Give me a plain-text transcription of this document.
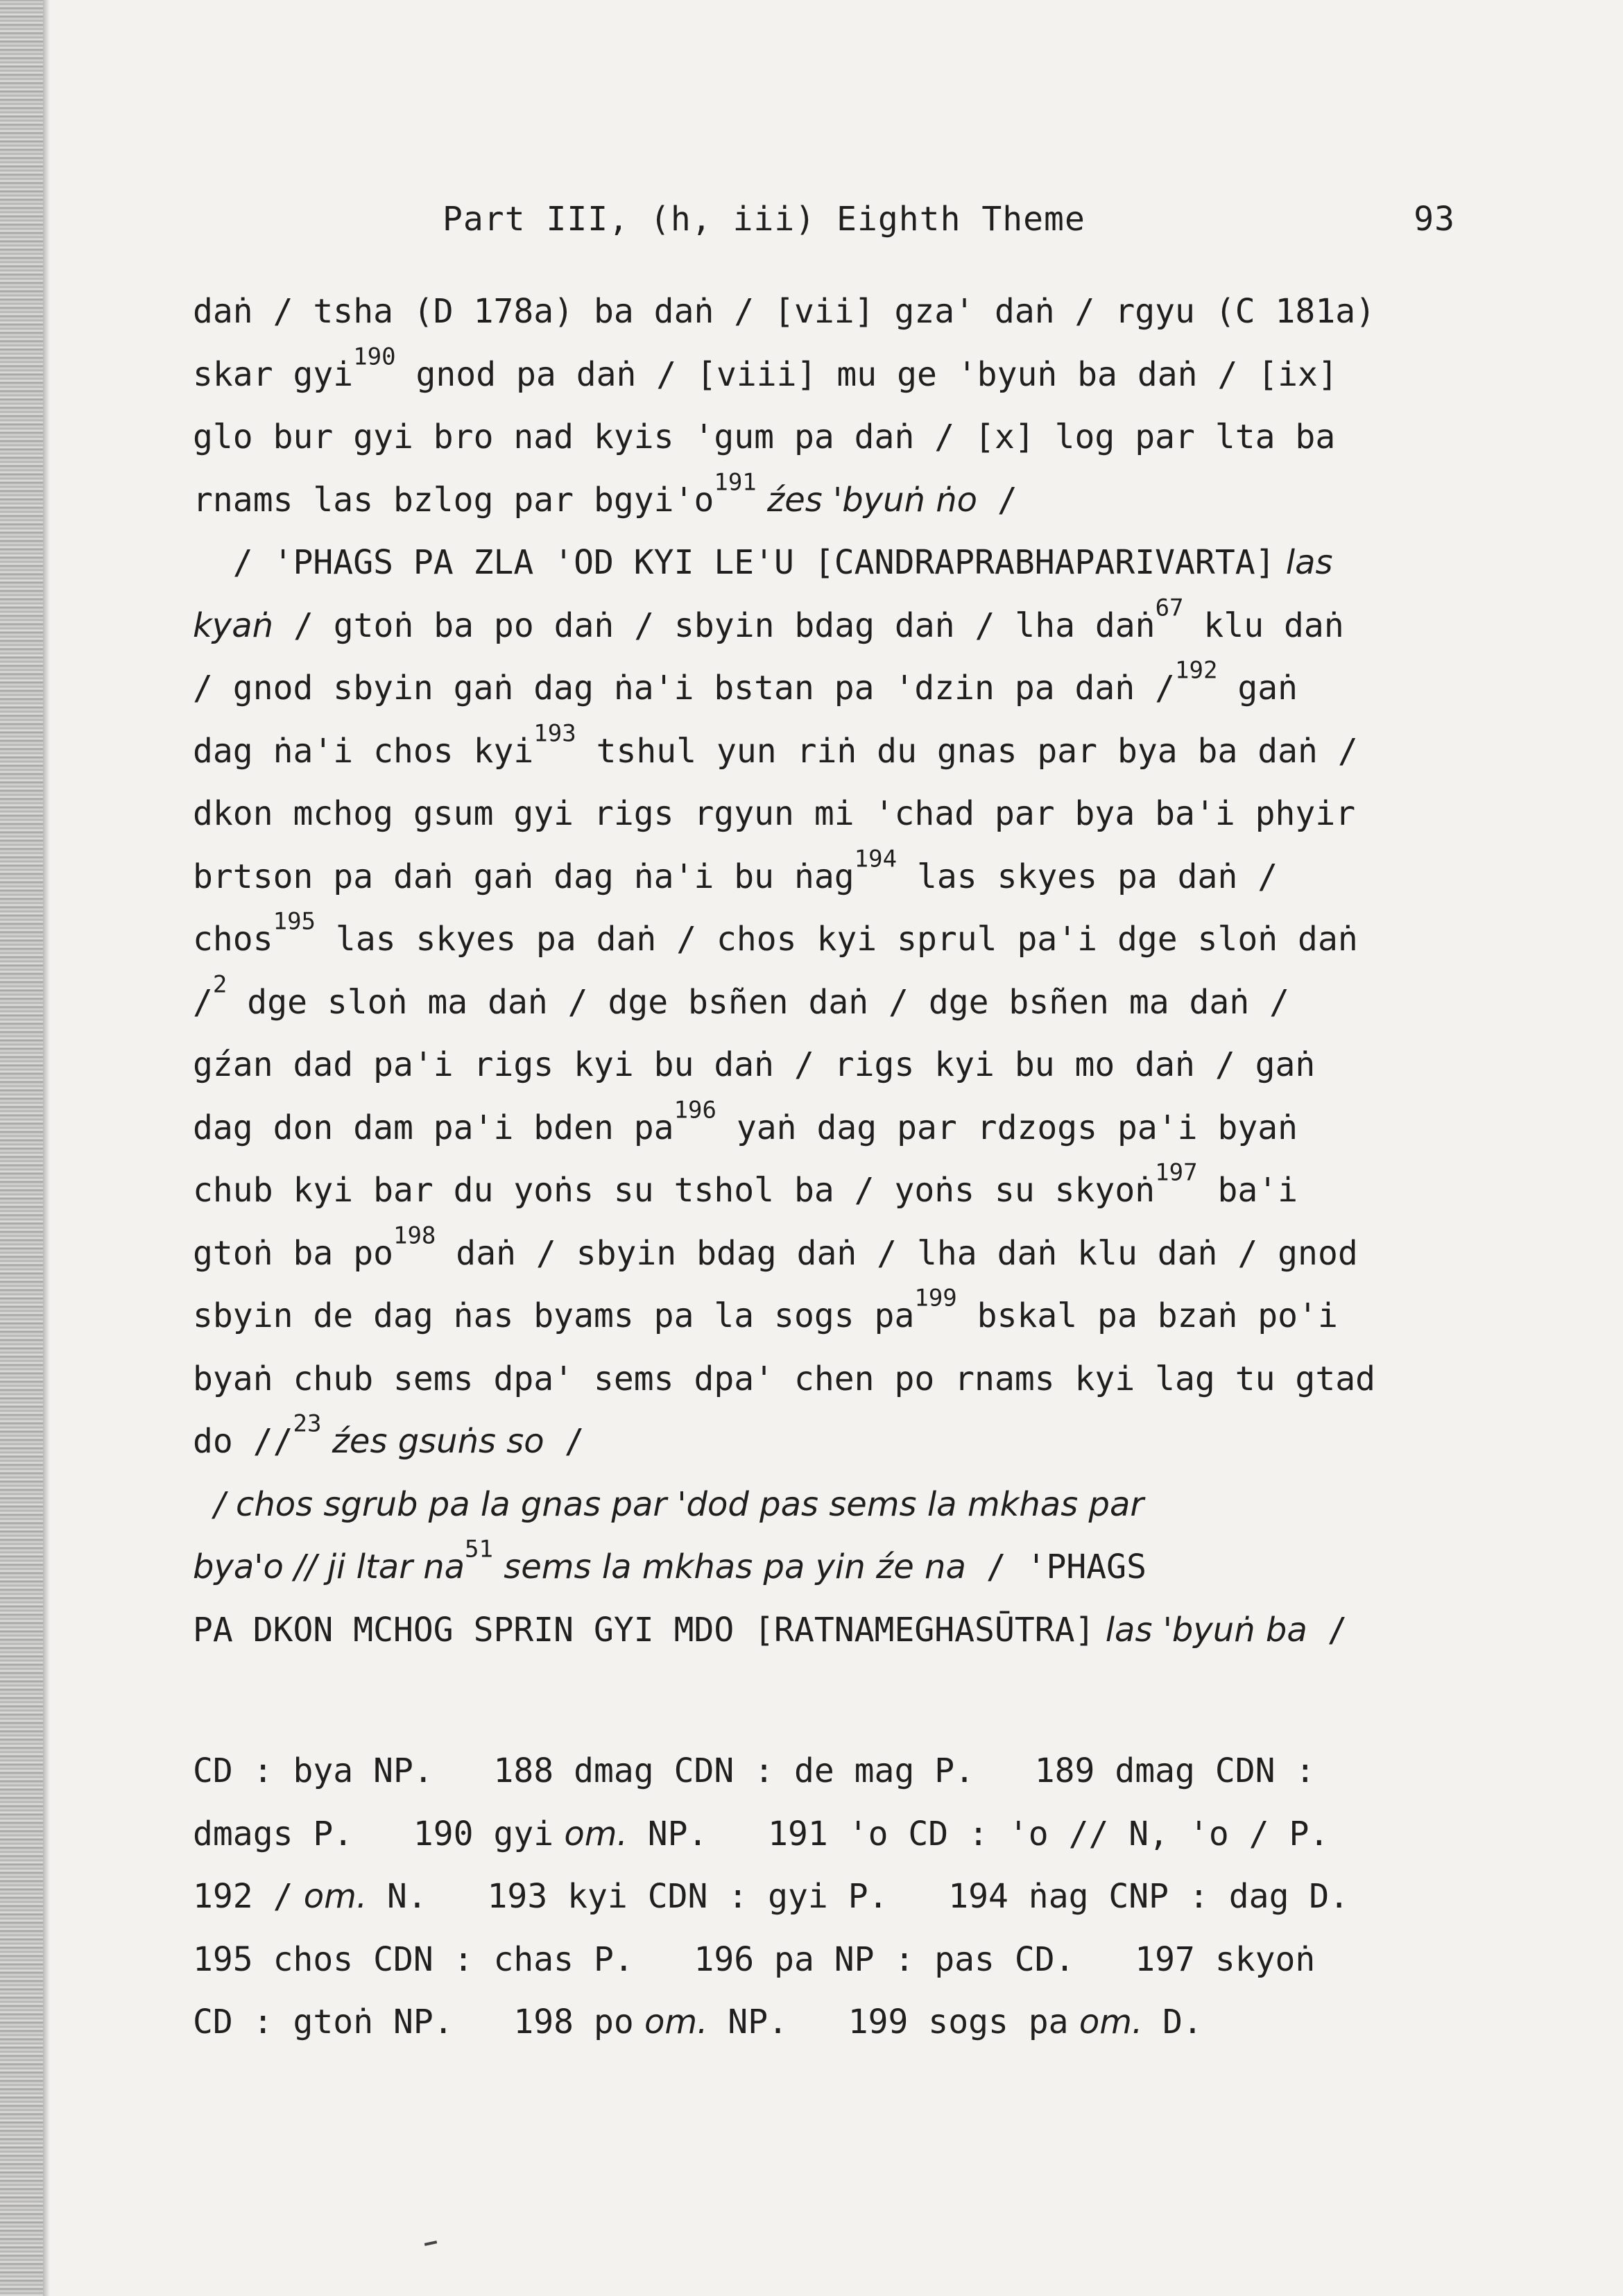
Part III, (h, iii) Eighth Theme	93
daṅ / tsha (D 178a) ba daṅ / [vii] gza' daṅ / rgyu (C 181a)
skar gyi$^{190}$ gnod pa daṅ / [viii] mu ge 'byuṅ ba daṅ / [ix]
glo bur gyi bro nad kyis 'gum pa daṅ / [x] log par lta ba
rnams las bzlog par $bgyi'o^{191}$ źes 'byuṅ ṅo /
/ 'PHAGS PA ZLA 'OD KYI LE'U [CANDRAPRABHAPARIVARTA] las
kyaṅ / gtoṅ ba po daṅ / sbyin bdag daṅ / lha daṅ$^{67}$ klu daṅ
/ gnod sbyin gaṅ dag ṅa'i bstan pa 'dzin pa daṅ /$^{192}$ gaṅ
dag ṅa'i chos kyi$^{193}$ tshul yun riṅ du gnas par bya ba daṅ /
dkon mchog gsum gyi rigs rgyun mi 'chad par bya ba'i phyir
brtson pa daṅ gaṅ dag ṅa'i bu ṅag$^{194}$ las skyes pa daṅ /
chos$^{195}$ las skyes pa daṅ / chos kyi sprul pa'i dge sloṅ daṅ
/$^2$ dge sloṅ ma daṅ / dge bsñen daṅ / dge bsñen ma daṅ /
gźan dad pa'i rigs kyi bu daṅ / rigs kyi bu mo daṅ / gaṅ
dag don dam pa'i bden $pa^{196}$ yaṅ dag par rdzogs pa'i byaṅ
chub kyi bar du yoṅs su tshol ba / yoṅs su skyoṅ$^{197}$ ba'i
gtoṅ ba $po^{198}$ daṅ / sbyin bdag daṅ / lha daṅ klu daṅ / gnod
sbyin de dag ṅas byams pa la sogs $pa^{199}$ bskal pa bzaṅ po'i
byaṅ chub sems dpa' sems dpa' chen po rnams kyi lag tu gtad
do //$^{23}$ źes gsuṅs so /
/ chos sgrub pa la gnas par 'dod pas sems la mkhas par
bya'o // ji ltar $na^{51}$ sems la mkhas pa yin źe na / 'PHAGS
PA DKON MCHOG SPRIN GYI MDO [RATNAMEGHASŪTRA] las 'byuṅ ba /
CD : bya NP.   188 dmag CDN : de mag P.   189 dmag CDN :
dmags P.   190 gyi om. NP.   191 'o CD : 'o // N, 'o / P.
192 / om. N.   193 kyi CDN : gyi P.   194 ṅag CNP : dag D.
195 chos CDN : chas P.   196 pa NP : pas CD.   197 skyoṅ
CD : gtoṅ NP.   198 po om. NP.   199 sogs pa om. D.
